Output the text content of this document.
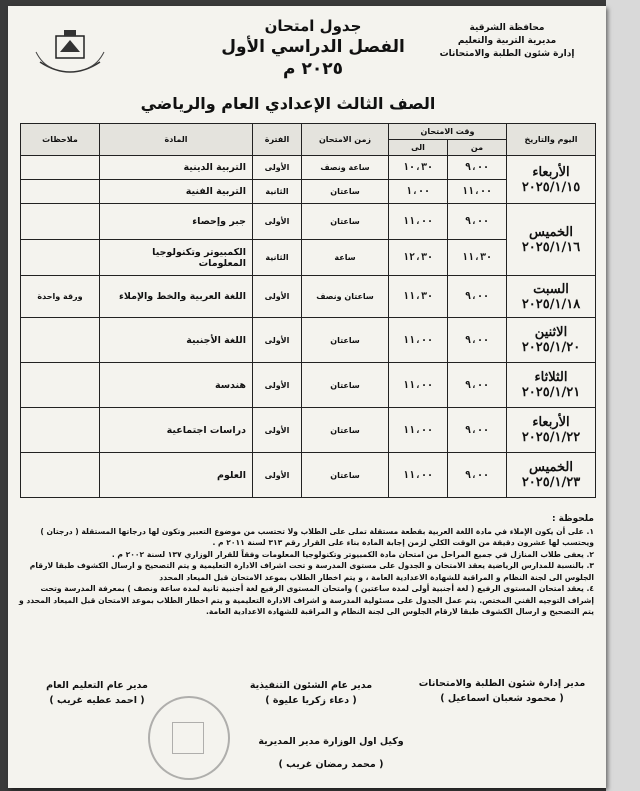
محافظة الشرقية
مديرية التربية والتعليم
إدارة شئون الطلبة والامتحانات
جدول امتحان
الفصل الدراسي الأول ٢٠٢٥ م
الصف الثالث الإعدادي العام والرياضي
اليوم والتاريخ	وقت الامتحان		زمن الامتحان	الفترة	المادة	ملاحظات
	من	الى				

الأربعاء
٢٠٢٥/١/١٥	٩،٠٠	١٠،٣٠	ساعة ونصف	الأولى	التربية الدينية	
	١١،٠٠	١،٠٠	ساعتان	الثانية	التربية الفنية	

الخميس
٢٠٢٥/١/١٦	٩،٠٠	١١،٠٠	ساعتان	الأولى	جبر وإحصاء	
	١١،٣٠	١٢،٣٠	ساعة	الثانية	الكمبيوتر وتكنولوجيا المعلومات	

السبت
٢٠٢٥/١/١٨	٩،٠٠	١١،٣٠	ساعتان ونصف	الأولى	اللغة العربية والخط والإملاء	ورقة واحدة

الاثنين
٢٠٢٥/١/٢٠	٩،٠٠	١١،٠٠	ساعتان	الأولى	اللغة الأجنبية	

الثلاثاء
٢٠٢٥/١/٢١	٩،٠٠	١١،٠٠	ساعتان	الأولى	هندسة	

الأربعاء
٢٠٢٥/١/٢٢	٩،٠٠	١١،٠٠	ساعتان	الأولى	دراسات اجتماعية	

الخميس
٢٠٢٥/١/٢٣	٩،٠٠	١١،٠٠	ساعتان	الأولى	العلوم	

ملحوظة :

١. على أن يكون الإملاء في مادة اللغة العربية بقطعة مستقلة تملى على الطلاب ولا تحتسب من موضوع التعبير وتكون لها درجاتها المستقلة ( درجتان ) ويحتسب لها عشرون دقيقة من الوقت الكلي لزمن إجابة المادة بناء على القرار رقم ٣١٣ لسنة ٢٠١١ م .

٢. يعفى طلاب المنازل في جميع المراحل من امتحان مادة الكمبيوتر وتكنولوجيا المعلومات وفقاً للقرار الوزاري ١٣٧ لسنة ٢٠٠٢ م .

٣. بالنسبة للمدارس الرياضية يعقد الامتحان و الجدول على مستوى المدرسة و تحت اشراف الادارة التعليمية و يتم التصحيح و ارسال الكشوف طبقا لارقام الجلوس الى لجنة النظام و المراقبة للشهادة الاعدادية العامة ، و يتم اخطار الطلاب بموعد الامتحان قبل الميعاد المحدد

٤. يعقد امتحان المستوى الرفيع ( لغة أجنبية أولى لمدة ساعتين ) وامتحان المستوى الرفيع لغة أجنبية ثانية لمدة ساعة ونصف ) بمعرفة المدرسة وتحت إشراف التوجيه الفني المختص. يتم عمل الجدول على مسئولية المدرسة و اشراف الادارة التعليمية و يتم اخطار الطلاب بموعد الامتحان قبل الميعاد المحدد و يتم التصحيح و ارسال الكشوف طبقا لارقام الجلوس الى لجنة النظام و المراقبة للشهادة الاعدادية العامة.

مدير إدارة شئون الطلبة والامتحانات
( محمود شعبان اسماعيل )
مدير عام الشئون التنفيذية
( دعاء زكريا عليوة )
مدير عام التعليم العام
( احمد عطيه غريب )
وكيل اول الوزارة مدير المديرية
( محمد رمضان غريب )
